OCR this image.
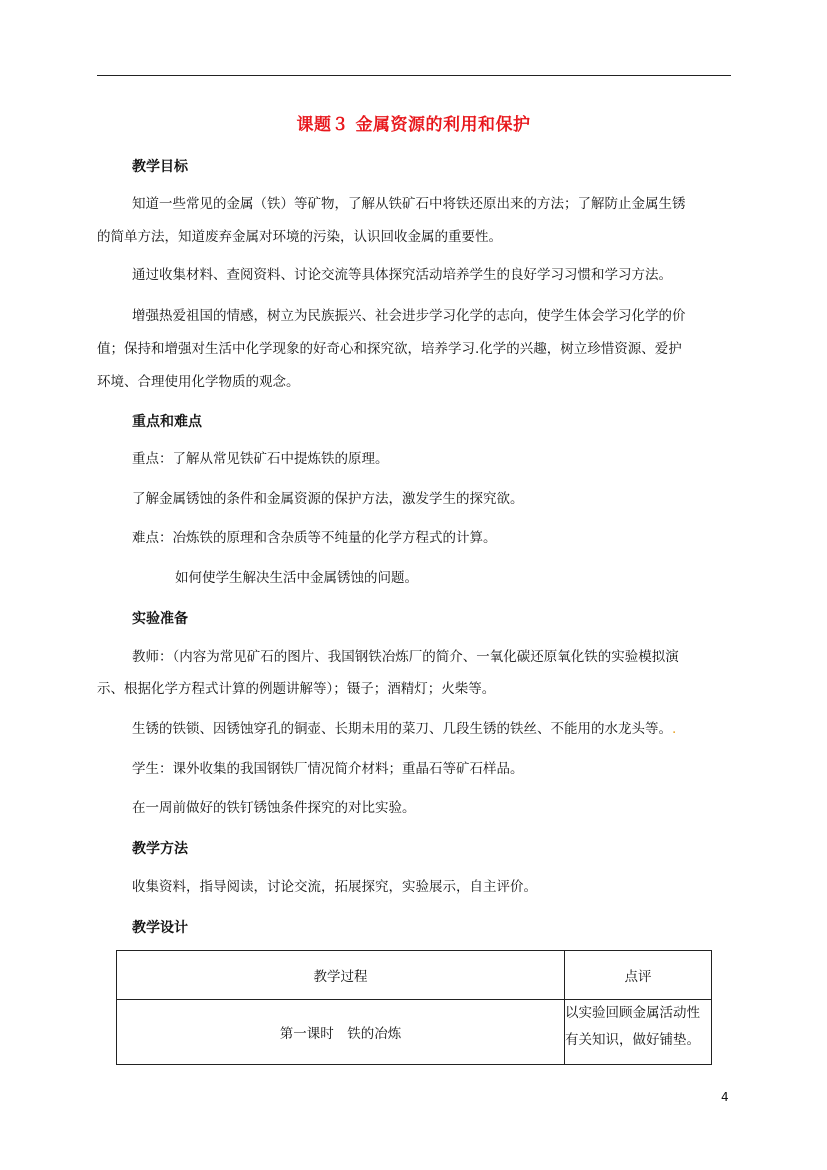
课题３ 金属资源的利用和保护
教学目标
知道一些常见的金属（铁）等矿物，了解从铁矿石中将铁还原出来的方法；了解防止金属生锈
的简单方法，知道废弃金属对环境的污染，认识回收金属的重要性。
通过收集材料、查阅资料、讨论交流等具体探究活动培养学生的良好学习习惯和学习方法。
增强热爱祖国的情感，树立为民族振兴、社会进步学习化学的志向，使学生体会学习化学的价
值；保持和增强对生活中化学现象的好奇心和探究欲，培养学习.化学的兴趣，树立珍惜资源、爱护
环境、合理使用化学物质的观念。
重点和难点
重点：了解从常见铁矿石中提炼铁的原理。
了解金属锈蚀的条件和金属资源的保护方法，激发学生的探究欲。
难点：冶炼铁的原理和含杂质等不纯量的化学方程式的计算。
如何使学生解决生活中金属锈蚀的问题。
实验准备
教师：（内容为常见矿石的图片、我国钢铁冶炼厂的简介、一氧化碳还原氧化铁的实验模拟演
示、根据化学方程式计算的例题讲解等）；镊子；酒精灯；火柴等。
生锈的铁锁、因锈蚀穿孔的铜壶、长期未用的菜刀、几段生锈的铁丝、不能用的水龙头等。.
学生：课外收集的我国钢铁厂情况简介材料；重晶石等矿石样品。
在一周前做好的铁钉锈蚀条件探究的对比实验。
教学方法
收集资料，指导阅读，讨论交流，拓展探究，实验展示，自主评价。
教学设计
教学过程	点评
第一课时　铁的冶炼	以实验回顾金属活动性
有关知识，做好铺垫。
4
